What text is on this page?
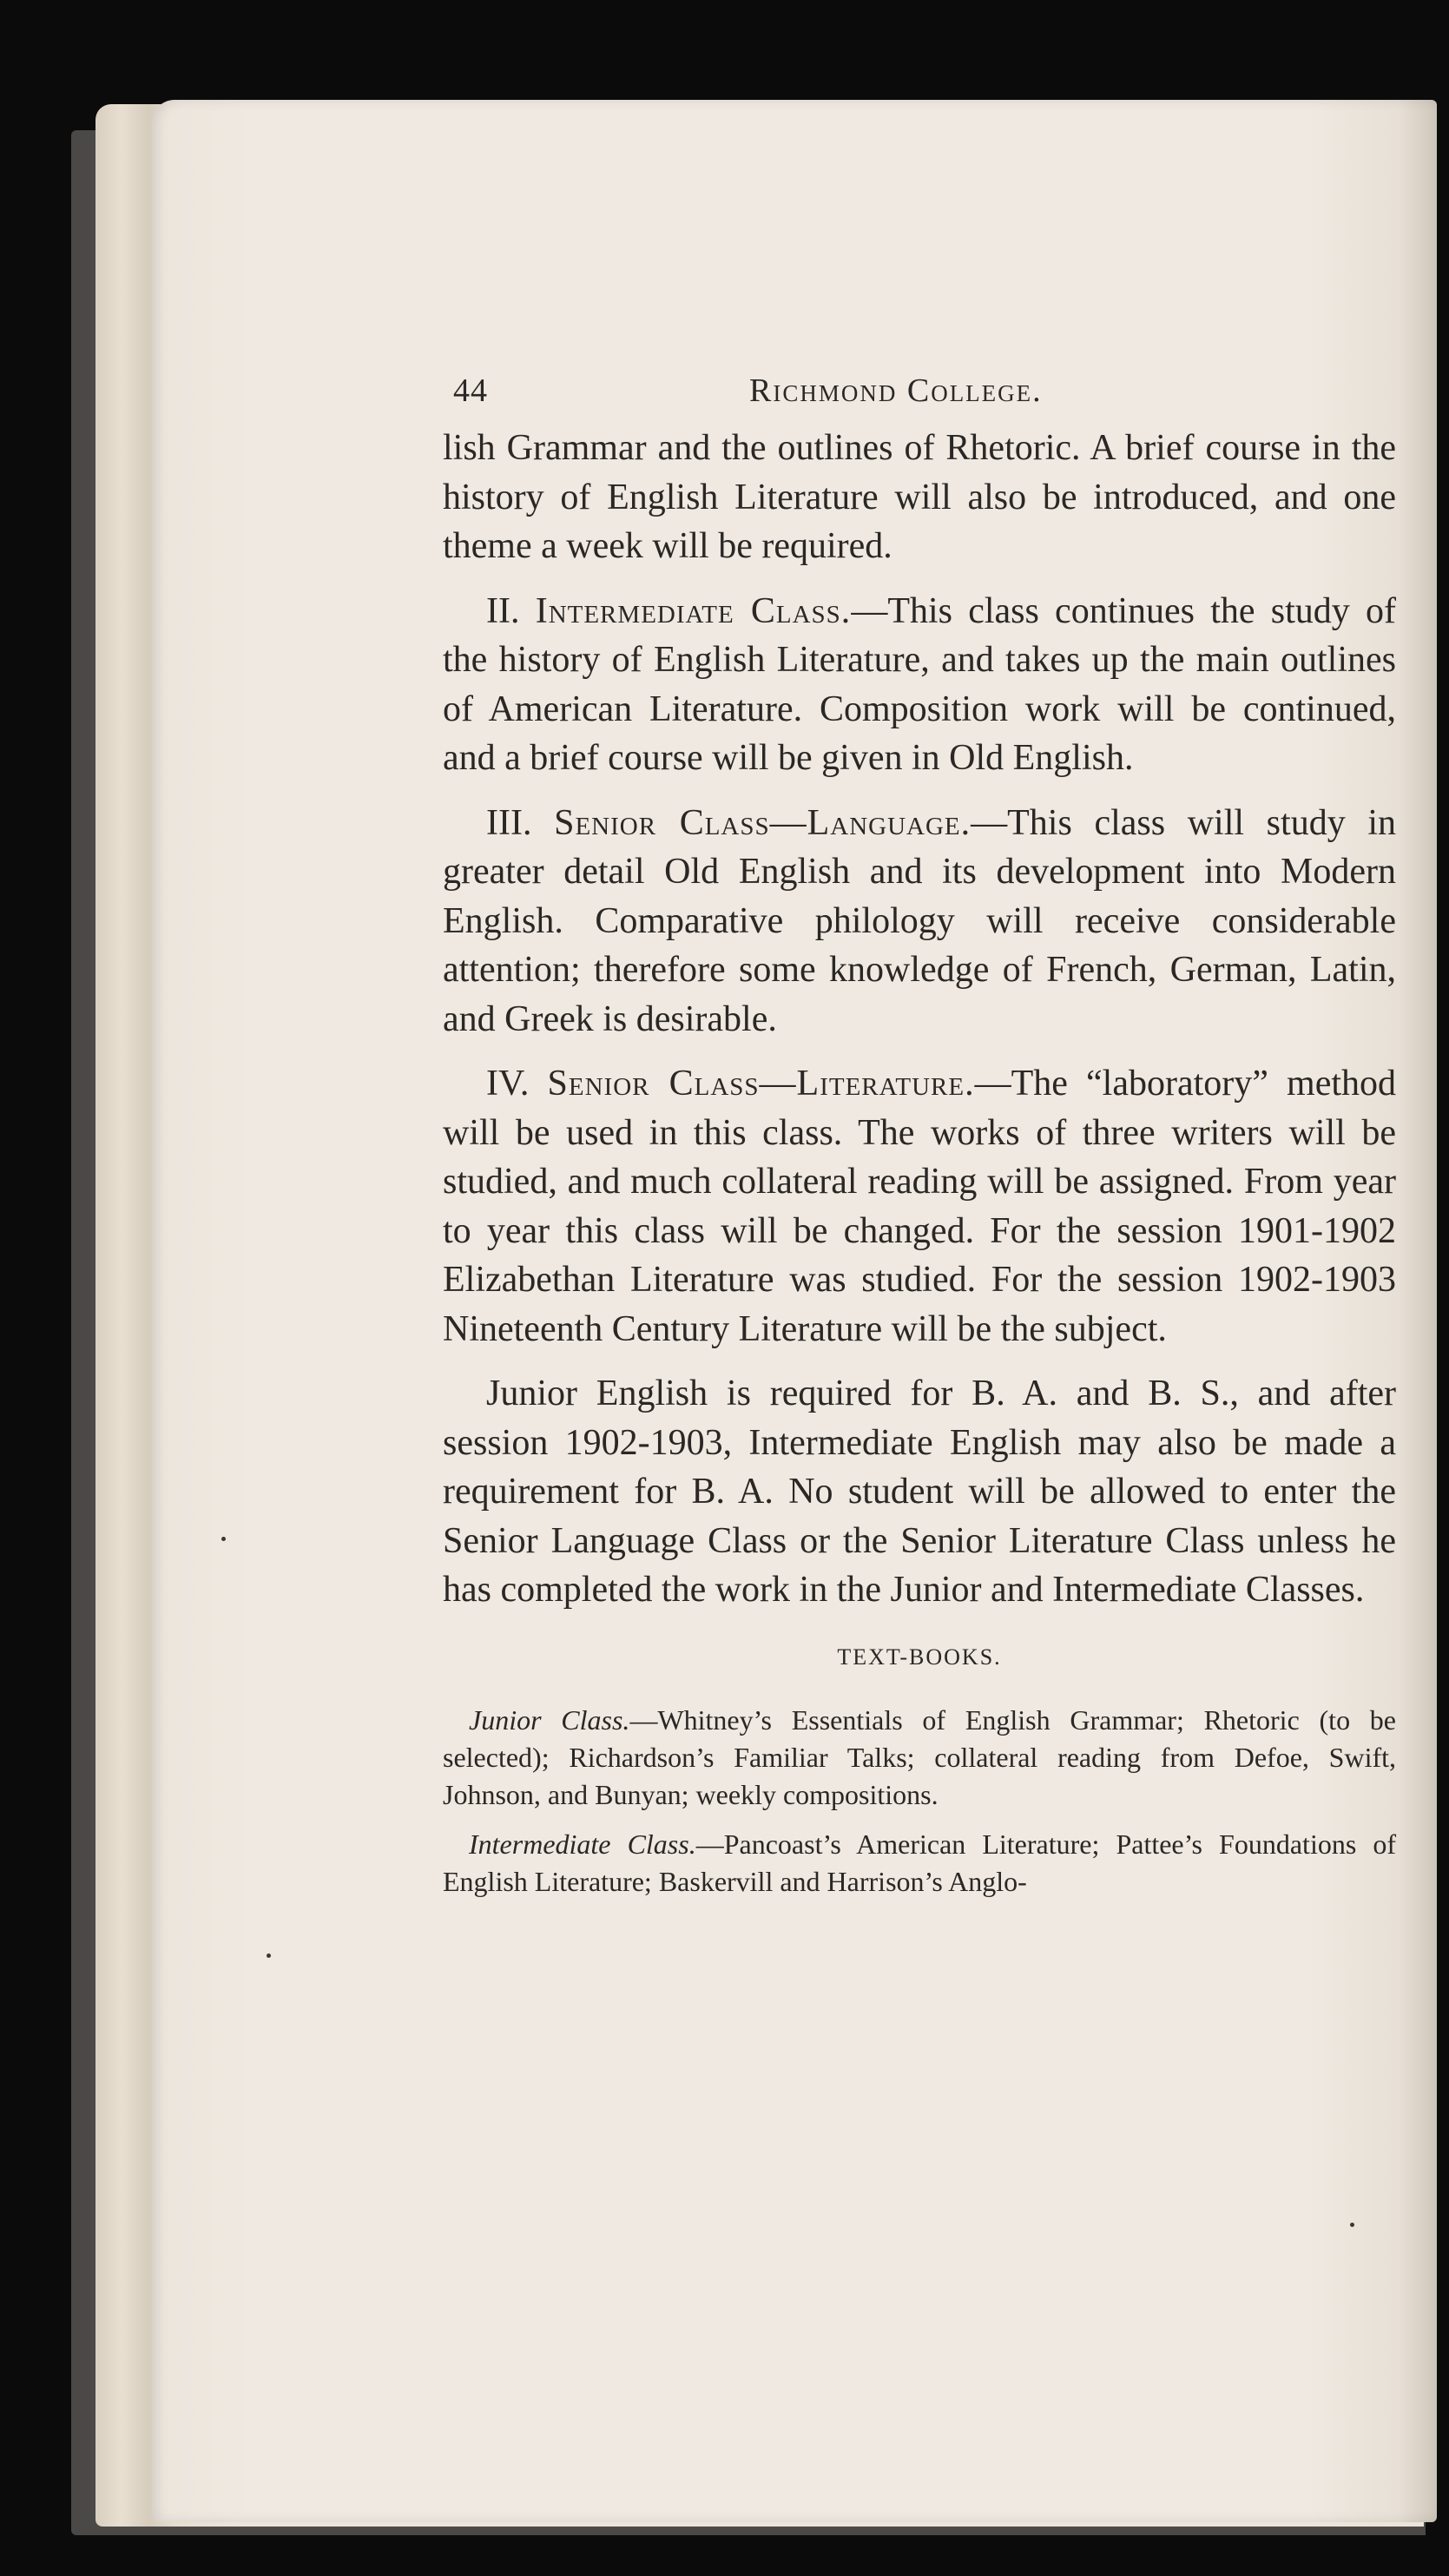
44	Richmond College.

lish Grammar and the outlines of Rhetoric. A brief course in the history of English Literature will also be introduced, and one theme a week will be required.

II. Intermediate Class.—This class continues the study of the history of English Literature, and takes up the main outlines of American Literature. Composition work will be continued, and a brief course will be given in Old English.

III. Senior Class—Language.—This class will study in greater detail Old English and its development into Modern English. Comparative philology will receive considerable attention; therefore some knowledge of French, German, Latin, and Greek is desirable.

IV. Senior Class—Literature.—The “laboratory” method will be used in this class. The works of three writers will be studied, and much collateral reading will be assigned. From year to year this class will be changed. For the session 1901-1902 Elizabethan Literature was studied. For the session 1902-1903 Nineteenth Century Literature will be the subject.

Junior English is required for B. A. and B. S., and after session 1902-1903, Intermediate English may also be made a requirement for B. A. No student will be allowed to enter the Senior Language Class or the Senior Literature Class unless he has completed the work in the Junior and Intermediate Classes.

TEXT-BOOKS.

Junior Class.—Whitney’s Essentials of English Grammar; Rhetoric (to be selected); Richardson’s Familiar Talks; collateral reading from Defoe, Swift, Johnson, and Bunyan; weekly compositions.

Intermediate Class.—Pancoast’s American Literature; Pattee’s Foundations of English Literature; Baskervill and Harrison’s Anglo-
